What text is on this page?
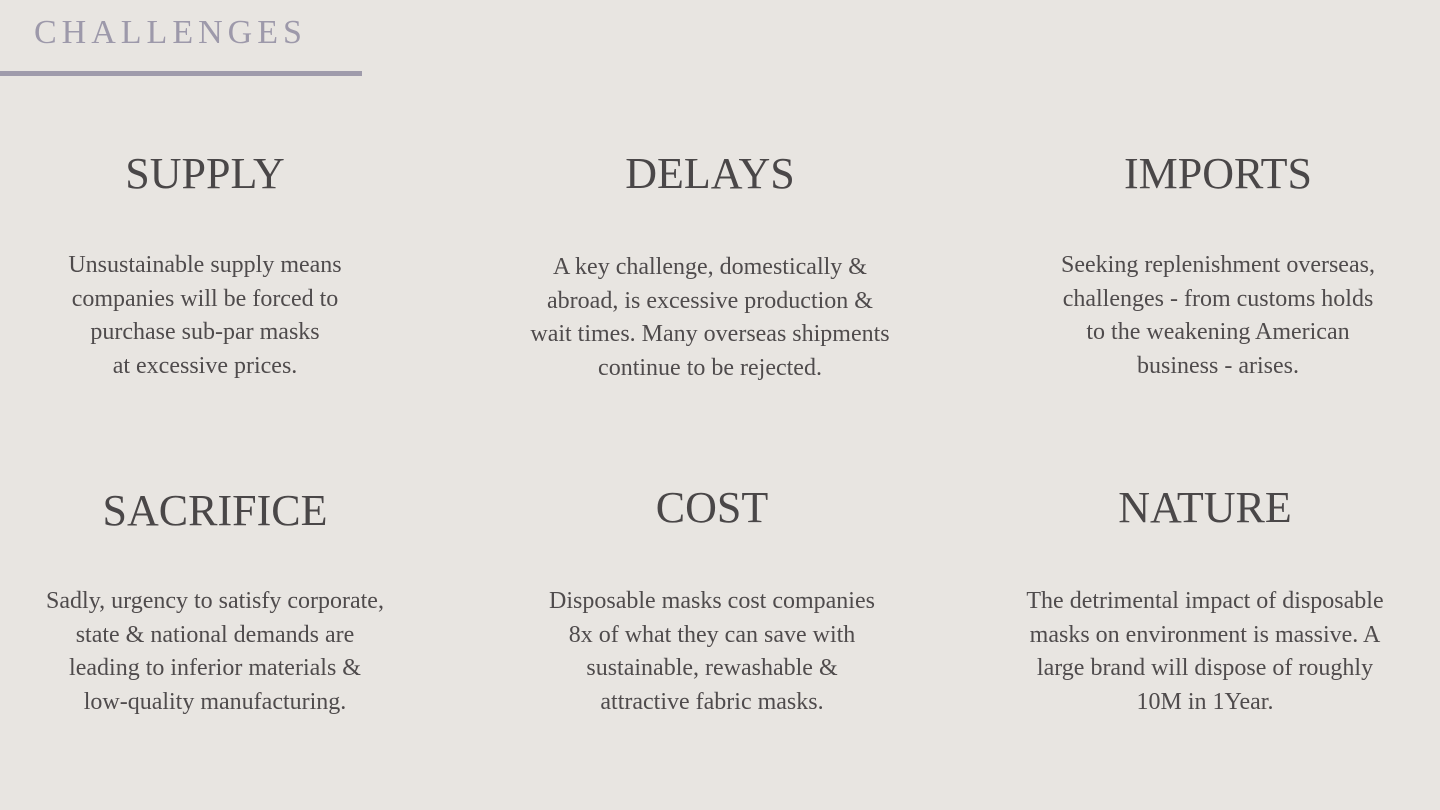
CHALLENGES
SUPPLY
Unsustainable supply means
companies will be forced to
purchase sub-par masks
at excessive prices.
DELAYS
A key challenge, domestically &
abroad, is excessive production &
wait times. Many overseas shipments
continue to be rejected.
IMPORTS
Seeking replenishment overseas,
challenges - from customs holds
to the weakening American
business - arises.
SACRIFICE
Sadly, urgency to satisfy corporate,
state & national demands are
leading to inferior materials &
low-quality manufacturing.
COST
Disposable masks cost companies
8x of what they can save with
sustainable, rewashable &
attractive fabric masks.
NATURE
The detrimental impact of disposable
masks on environment is massive. A
large brand will dispose of roughly
10M in 1Year.
